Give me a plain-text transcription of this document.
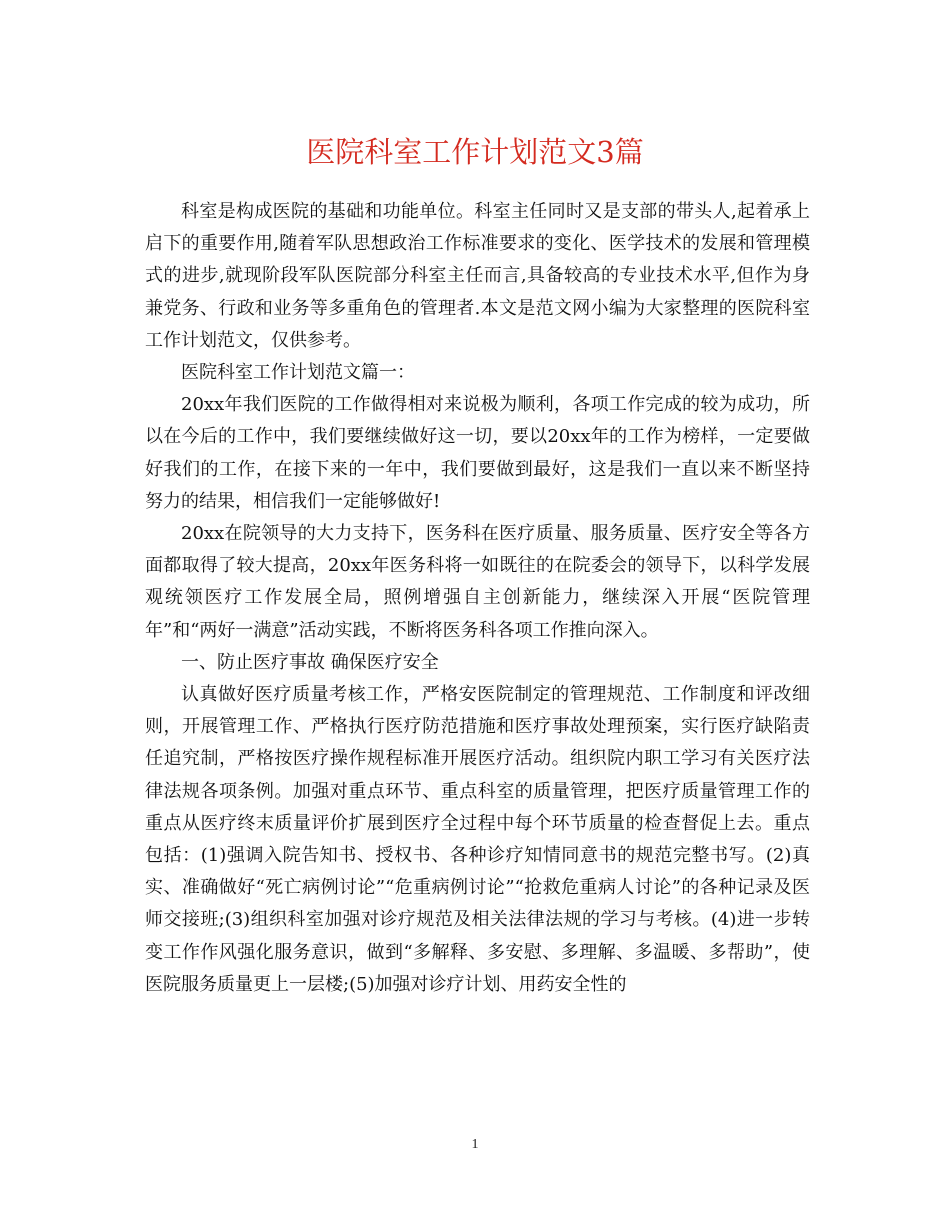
医院科室工作计划范文3篇

科室是构成医院的基础和功能单位。科室主任同时又是支部的带头人,起着承上启下的重要作用,随着军队思想政治工作标准要求的变化、医学技术的发展和管理模式的进步,就现阶段军队医院部分科室主任而言,具备较高的专业技术水平,但作为身兼党务、行政和业务等多重角色的管理者.本文是范文网小编为大家整理的医院科室工作计划范文，仅供参考。

医院科室工作计划范文篇一：

20xx年我们医院的工作做得相对来说极为顺利，各项工作完成的较为成功，所以在今后的工作中，我们要继续做好这一切，要以20xx年的工作为榜样，一定要做好我们的工作，在接下来的一年中，我们要做到最好，这是我们一直以来不断坚持努力的结果，相信我们一定能够做好!

20xx在院领导的大力支持下，医务科在医疗质量、服务质量、医疗安全等各方面都取得了较大提高，20xx年医务科将一如既往的在院委会的领导下，以科学发展观统领医疗工作发展全局，照例增强自主创新能力，继续深入开展“医院管理年”和“两好一满意”活动实践，不断将医务科各项工作推向深入。

一、防止医疗事故 确保医疗安全

认真做好医疗质量考核工作，严格安医院制定的管理规范、工作制度和评改细则，开展管理工作、严格执行医疗防范措施和医疗事故处理预案，实行医疗缺陷责任追究制，严格按医疗操作规程标准开展医疗活动。组织院内职工学习有关医疗法律法规各项条例。加强对重点环节、重点科室的质量管理，把医疗质量管理工作的重点从医疗终末质量评价扩展到医疗全过程中每个环节质量的检查督促上去。重点包括：(1)强调入院告知书、授权书、各种诊疗知情同意书的规范完整书写。(2)真实、准确做好“死亡病例讨论”“危重病例讨论”“抢救危重病人讨论”的各种记录及医师交接班;(3)组织科室加强对诊疗规范及相关法律法规的学习与考核。(4)进一步转变工作作风强化服务意识，做到“多解释、多安慰、多理解、多温暖、多帮助”，使医院服务质量更上一层楼;(5)加强对诊疗计划、用药安全性的

1
